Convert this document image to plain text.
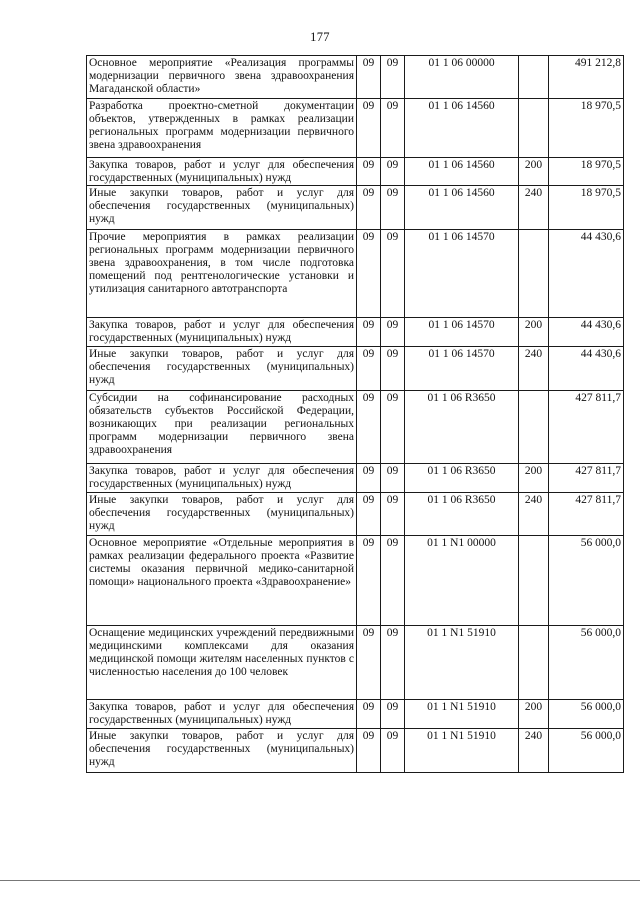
177
Основное мероприятие «Реализация программы модернизации первичного звена здравоохранения Магаданской области»	09	09	01 1 06 00000		491 212,8
Разработка проектно-сметной документации объектов, утвержденных в рамках реализации региональных программ модернизации первичного звена здравоохранения	09	09	01 1 06 14560		18 970,5
Закупка товаров, работ и услуг для обеспечения государственных (муниципальных) нужд	09	09	01 1 06 14560	200	18 970,5
Иные закупки товаров, работ и услуг для обеспечения государственных (муниципальных) нужд	09	09	01 1 06 14560	240	18 970,5
Прочие мероприятия в рамках реализации региональных программ модернизации первичного звена здравоохранения, в том числе подготовка помещений под рентгенологические установки и утилизация санитарного автотранспорта	09	09	01 1 06 14570		44 430,6
Закупка товаров, работ и услуг для обеспечения государственных (муниципальных) нужд	09	09	01 1 06 14570	200	44 430,6
Иные закупки товаров, работ и услуг для обеспечения государственных (муниципальных) нужд	09	09	01 1 06 14570	240	44 430,6
Субсидии на софинансирование расходных обязательств субъектов Российской Федерации, возникающих при реализации региональных программ модернизации первичного звена здравоохранения	09	09	01 1 06 R3650		427 811,7
Закупка товаров, работ и услуг для обеспечения государственных (муниципальных) нужд	09	09	01 1 06 R3650	200	427 811,7
Иные закупки товаров, работ и услуг для обеспечения государственных (муниципальных) нужд	09	09	01 1 06 R3650	240	427 811,7
Основное мероприятие «Отдельные мероприятия в рамках реализации федерального проекта «Развитие системы оказания первичной медико-санитарной помощи» национального проекта «Здравоохранение»	09	09	01 1 N1 00000		56 000,0
Оснащение медицинских учреждений передвижными медицинскими комплексами для оказания медицинской помощи жителям населенных пунктов с численностью населения до 100 человек	09	09	01 1 N1 51910		56 000,0
Закупка товаров, работ и услуг для обеспечения государственных (муниципальных) нужд	09	09	01 1 N1 51910	200	56 000,0
Иные закупки товаров, работ и услуг для обеспечения государственных (муниципальных) нужд	09	09	01 1 N1 51910	240	56 000,0
